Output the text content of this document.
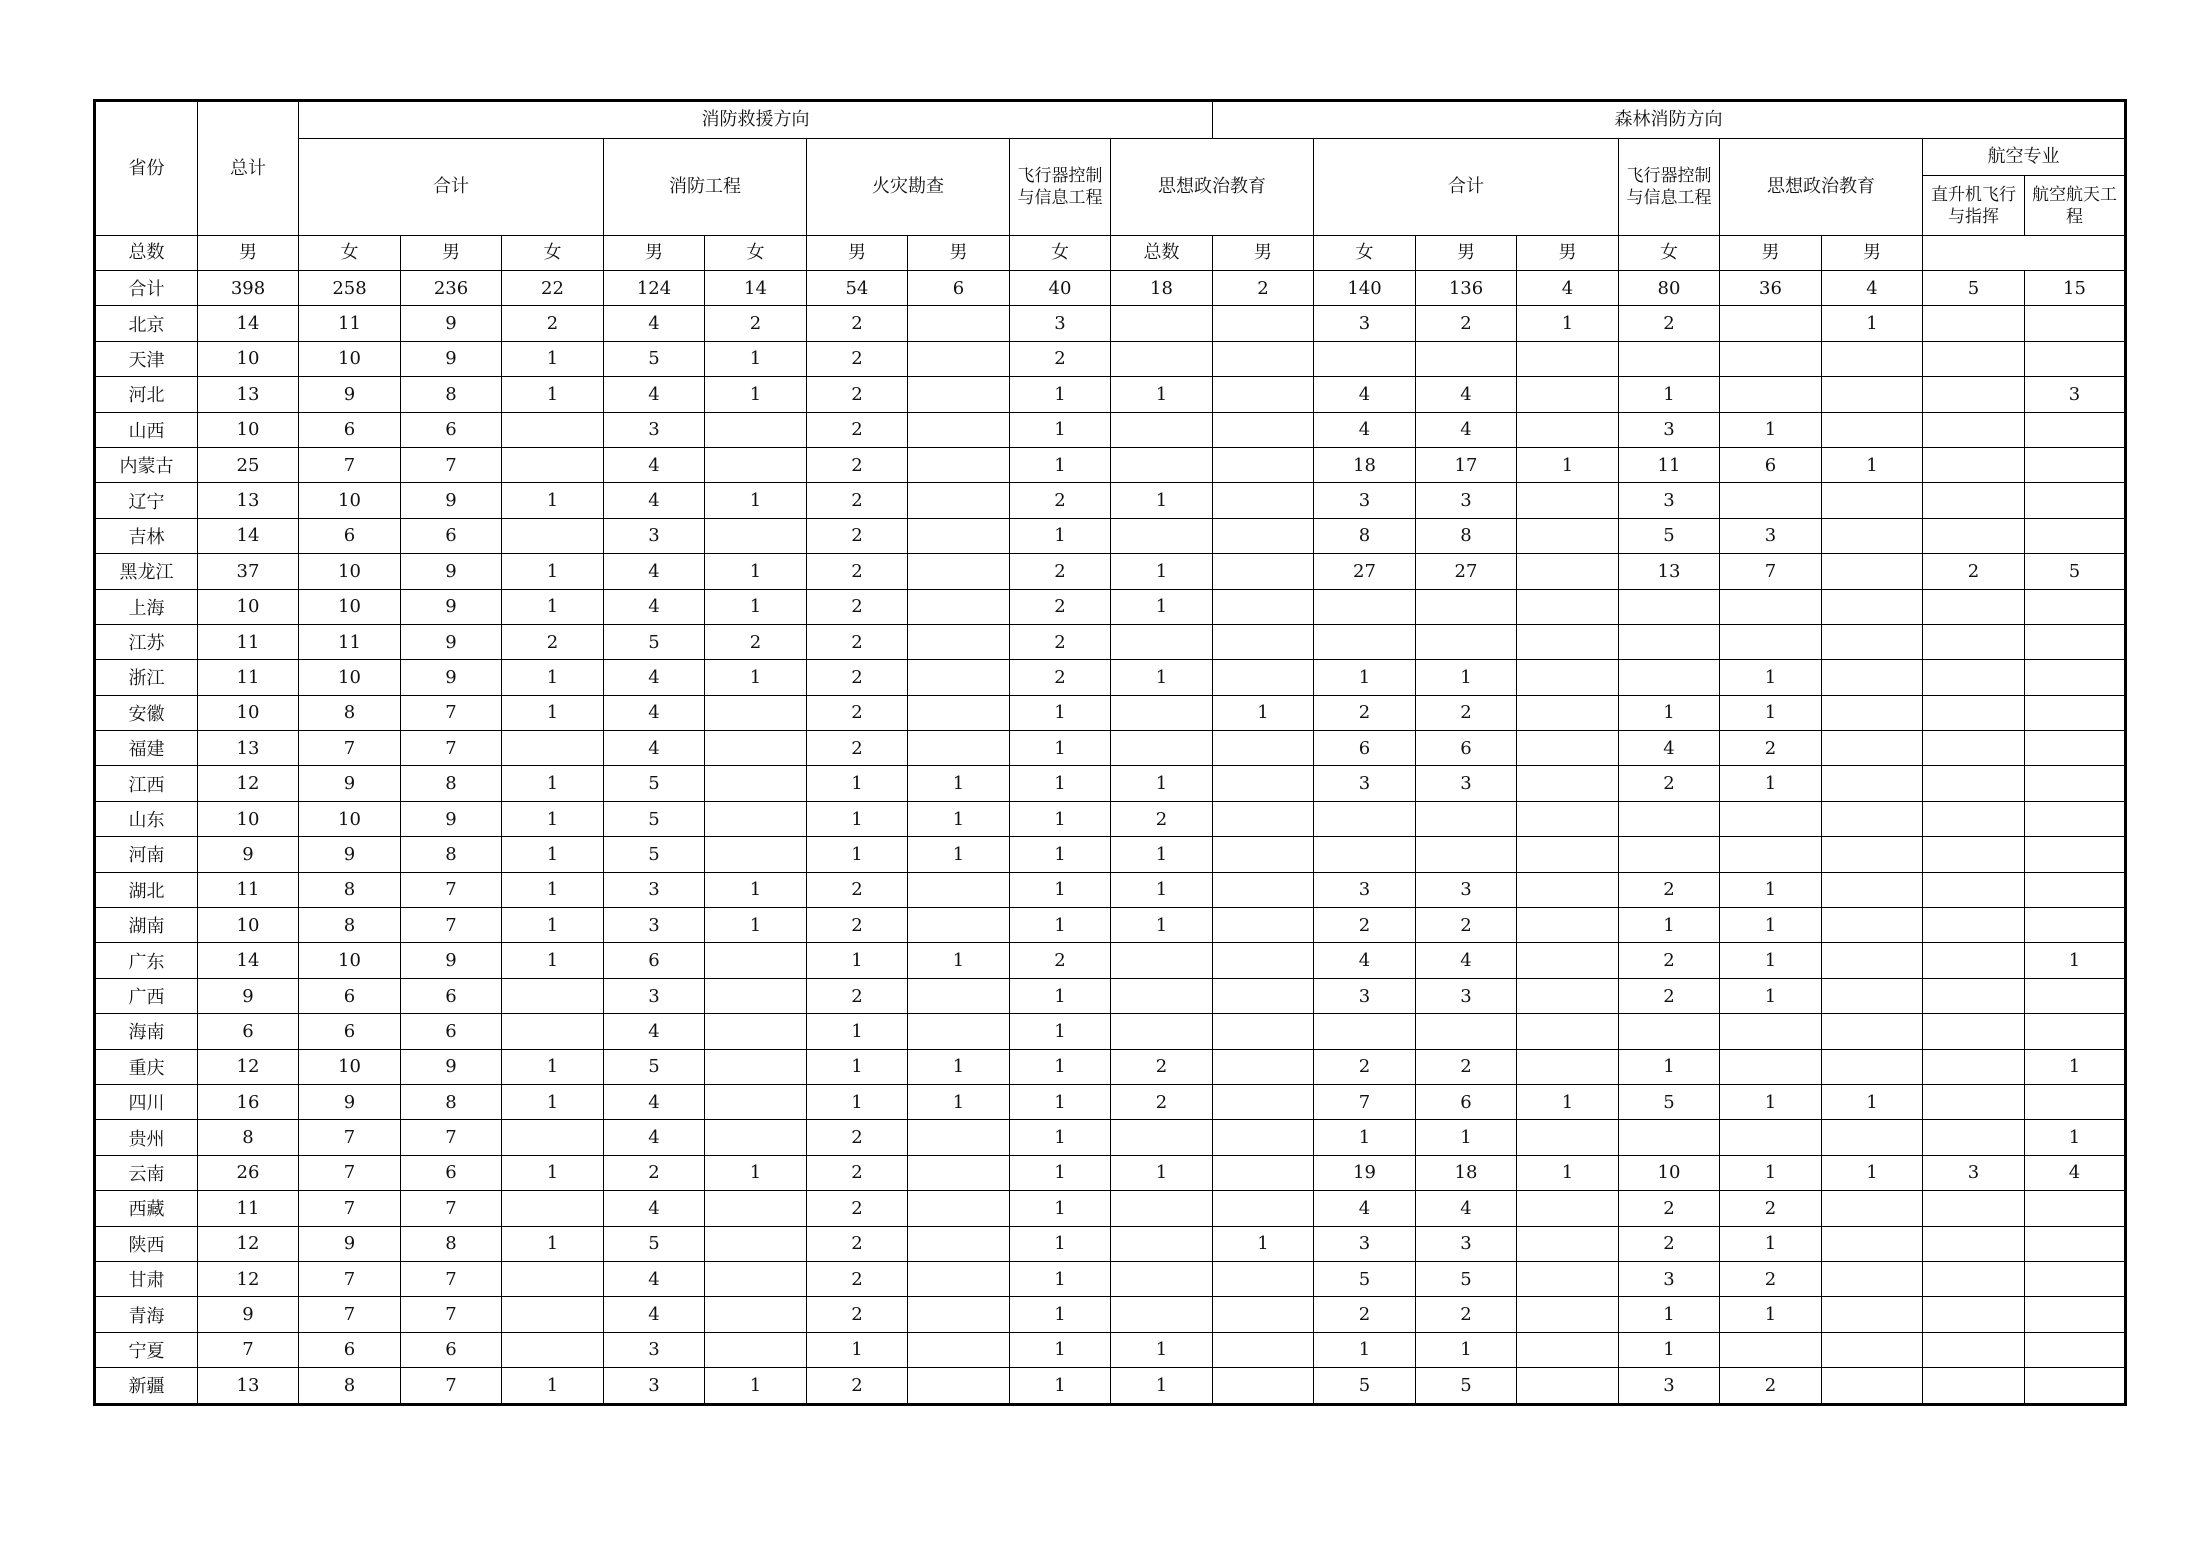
省份	总计	消防救援方向									森林消防方向								
		合计			消防工程		火灾勘查		飞行器控制与信息工程	思想政治教育		合计			飞行器控制与信息工程	思想政治教育		航空专业	
																		直升机飞行与指挥	航空航天工程
总数	男	女	男	女	男	女	男	男	女	总数	男	女	男	男	女	男	男		
合计	398	258	236	22	124	14	54	6	40	18	2	140	136	4	80	36	4	5	15
北京	14	11	9	2	4	2	2		3			3	2	1	2		1		
天津	10	10	9	1	5	1	2		2										
河北	13	9	8	1	4	1	2		1	1		4	4		1				3
山西	10	6	6		3		2		1			4	4		3	1			
内蒙古	25	7	7		4		2		1			18	17	1	11	6	1		
辽宁	13	10	9	1	4	1	2		2	1		3	3		3				
吉林	14	6	6		3		2		1			8	8		5	3			
黑龙江	37	10	9	1	4	1	2		2	1		27	27		13	7		2	5
上海	10	10	9	1	4	1	2		2	1									
江苏	11	11	9	2	5	2	2		2										
浙江	11	10	9	1	4	1	2		2	1		1	1			1			
安徽	10	8	7	1	4		2		1		1	2	2		1	1			
福建	13	7	7		4		2		1			6	6		4	2			
江西	12	9	8	1	5		1	1	1	1		3	3		2	1			
山东	10	10	9	1	5		1	1	1	2									
河南	9	9	8	1	5		1	1	1	1									
湖北	11	8	7	1	3	1	2		1	1		3	3		2	1			
湖南	10	8	7	1	3	1	2		1	1		2	2		1	1			
广东	14	10	9	1	6		1	1	2			4	4		2	1			1
广西	9	6	6		3		2		1			3	3		2	1			
海南	6	6	6		4		1		1										
重庆	12	10	9	1	5		1	1	1	2		2	2		1				1
四川	16	9	8	1	4		1	1	1	2		7	6	1	5	1	1		
贵州	8	7	7		4		2		1			1	1						1
云南	26	7	6	1	2	1	2		1	1		19	18	1	10	1	1	3	4
西藏	11	7	7		4		2		1			4	4		2	2			
陕西	12	9	8	1	5		2		1		1	3	3		2	1			
甘肃	12	7	7		4		2		1			5	5		3	2			
青海	9	7	7		4		2		1			2	2		1	1			
宁夏	7	6	6		3		1		1	1		1	1		1				
新疆	13	8	7	1	3	1	2		1	1		5	5		3	2			
